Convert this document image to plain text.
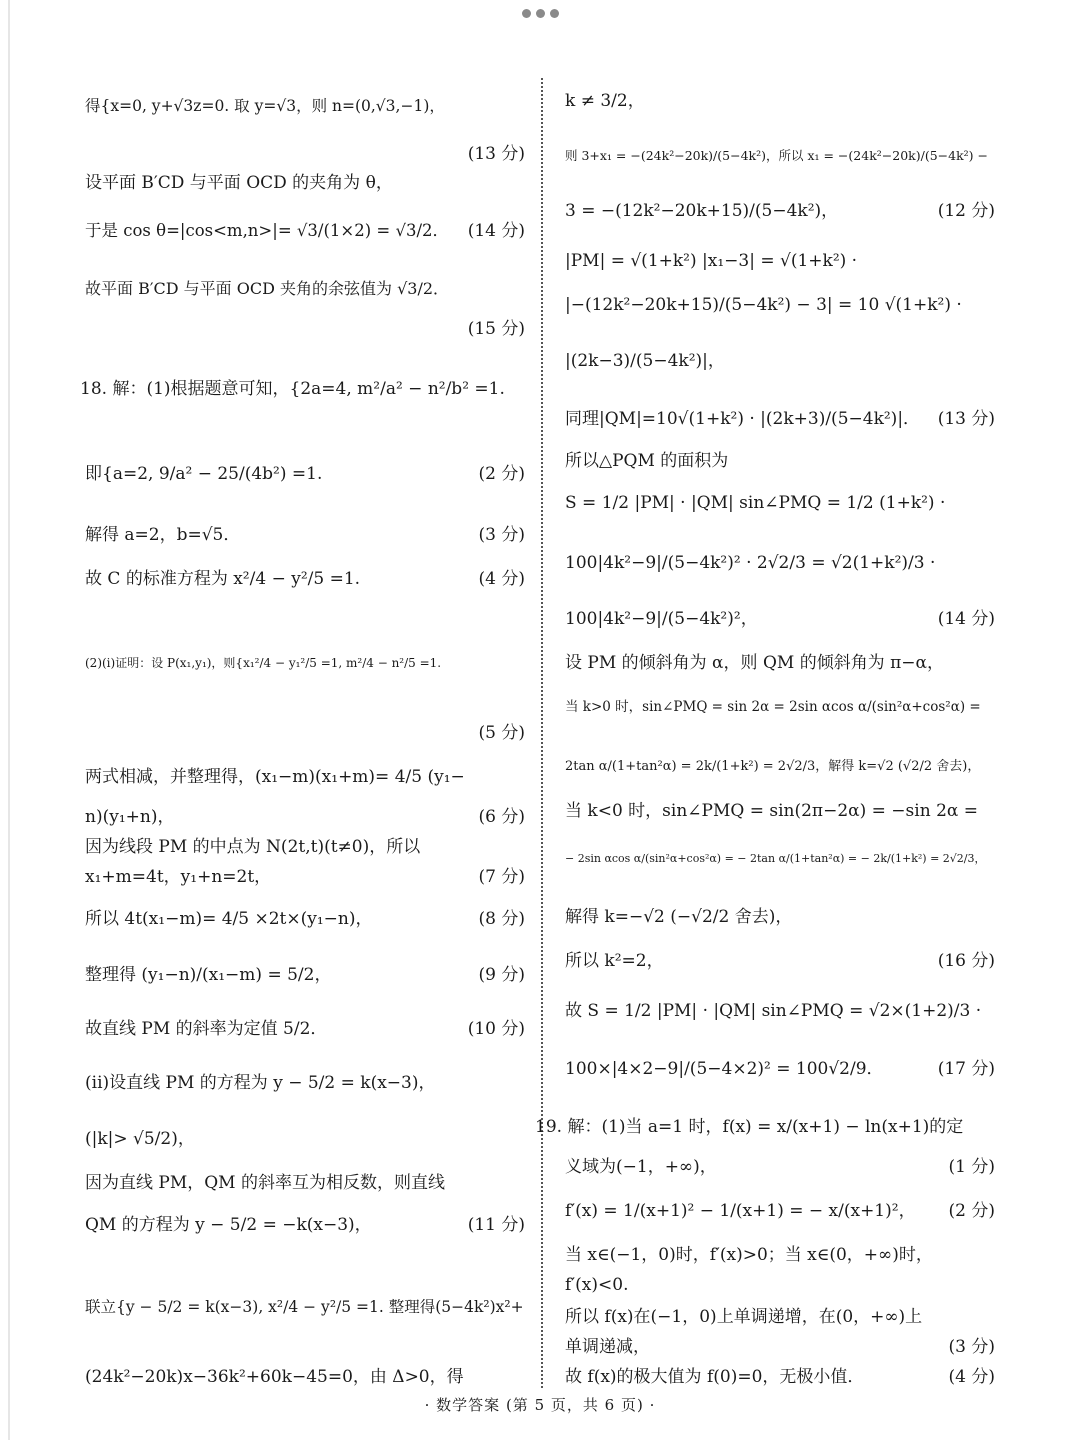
得{x=0, y+√3z=0. 取 y=√3，则 n=(0,√3,−1)，
(13 分)
设平面 B′CD 与平面 OCD 的夹角为 θ，
于是 cos θ=|cos<m,n>|= √3/(1×2) = √3/2． (14 分)
故平面 B′CD 与平面 OCD 夹角的余弦值为 √3/2．
(15 分)
18. 解：(1)根据题意可知，{2a=4, m²/a² − n²/b² =1.
即{a=2, 9/a² − 25/(4b²) =1.	(2 分)
解得 a=2，b=√5．	(3 分)
故 C 的标准方程为 x²/4 − y²/5 =1.	(4 分)
(2)(i)证明：设 P(x₁,y₁)，则{x₁²/4 − y₁²/5 =1, m²/4 − n²/5 =1.
(5 分)
两式相减，并整理得，(x₁−m)(x₁+m)= 4/5 (y₁−
n)(y₁+n)，	(6 分)
因为线段 PM 的中点为 N(2t,t)(t≠0)，所以
x₁+m=4t，y₁+n=2t，	(7 分)
所以 4t(x₁−m)= 4/5 ×2t×(y₁−n)，	(8 分)
整理得 (y₁−n)/(x₁−m) = 5/2，	(9 分)
故直线 PM 的斜率为定值 5/2．	(10 分)
(ii)设直线 PM 的方程为 y − 5/2 = k(x−3)，
(|k|> √5/2)，
因为直线 PM，QM 的斜率互为相反数，则直线
QM 的方程为 y − 5/2 = −k(x−3)，	(11 分)
联立{y − 5/2 = k(x−3), x²/4 − y²/5 =1. 整理得(5−4k²)x²+
(24k²−20k)x−36k²+60k−45=0，由 Δ>0，得
k ≠ 3/2，
则 3+x₁ = −(24k²−20k)/(5−4k²)，所以 x₁ = −(24k²−20k)/(5−4k²) −
3 = −(12k²−20k+15)/(5−4k²)，	(12 分)
|PM| = √(1+k²) |x₁−3| = √(1+k²) ·
|−(12k²−20k+15)/(5−4k²) − 3| = 10 √(1+k²) ·
|(2k−3)/(5−4k²)|，
同理|QM|=10√(1+k²) · |(2k+3)/(5−4k²)|． (13 分)
所以△PQM 的面积为
S = 1/2 |PM| · |QM| sin∠PMQ = 1/2 (1+k²) ·
100|4k²−9|/(5−4k²)² · 2√2/3 = √2(1+k²)/3 ·
100|4k²−9|/(5−4k²)²，	(14 分)
设 PM 的倾斜角为 α，则 QM 的倾斜角为 π−α，
当 k>0 时，sin∠PMQ = sin 2α = 2sin αcos α/(sin²α+cos²α) =
2tan α/(1+tan²α) = 2k/(1+k²) = 2√2/3，解得 k=√2 (√2/2 舍去)，
当 k<0 时，sin∠PMQ = sin(2π−2α) = −sin 2α =
− 2sin αcos α/(sin²α+cos²α) = − 2tan α/(1+tan²α) = − 2k/(1+k²) = 2√2/3，
解得 k=−√2 (−√2/2 舍去)，
所以 k²=2，	(16 分)
故 S = 1/2 |PM| · |QM| sin∠PMQ = √2×(1+2)/3 ·
100×|4×2−9|/(5−4×2)² = 100√2/9．	(17 分)
19. 解：(1)当 a=1 时，f(x) = x/(x+1) − ln(x+1)的定
义域为(−1，+∞)，	(1 分)
f′(x) = 1/(x+1)² − 1/(x+1) = − x/(x+1)²， (2 分)
当 x∈(−1，0)时，f′(x)>0；当 x∈(0，+∞)时，
f′(x)<0.
所以 f(x)在(−1，0)上单调递增，在(0，+∞)上
单调递减，	(3 分)
故 f(x)的极大值为 f(0)=0，无极小值．	(4 分)
· 数学答案 (第 5 页，共 6 页) ·
